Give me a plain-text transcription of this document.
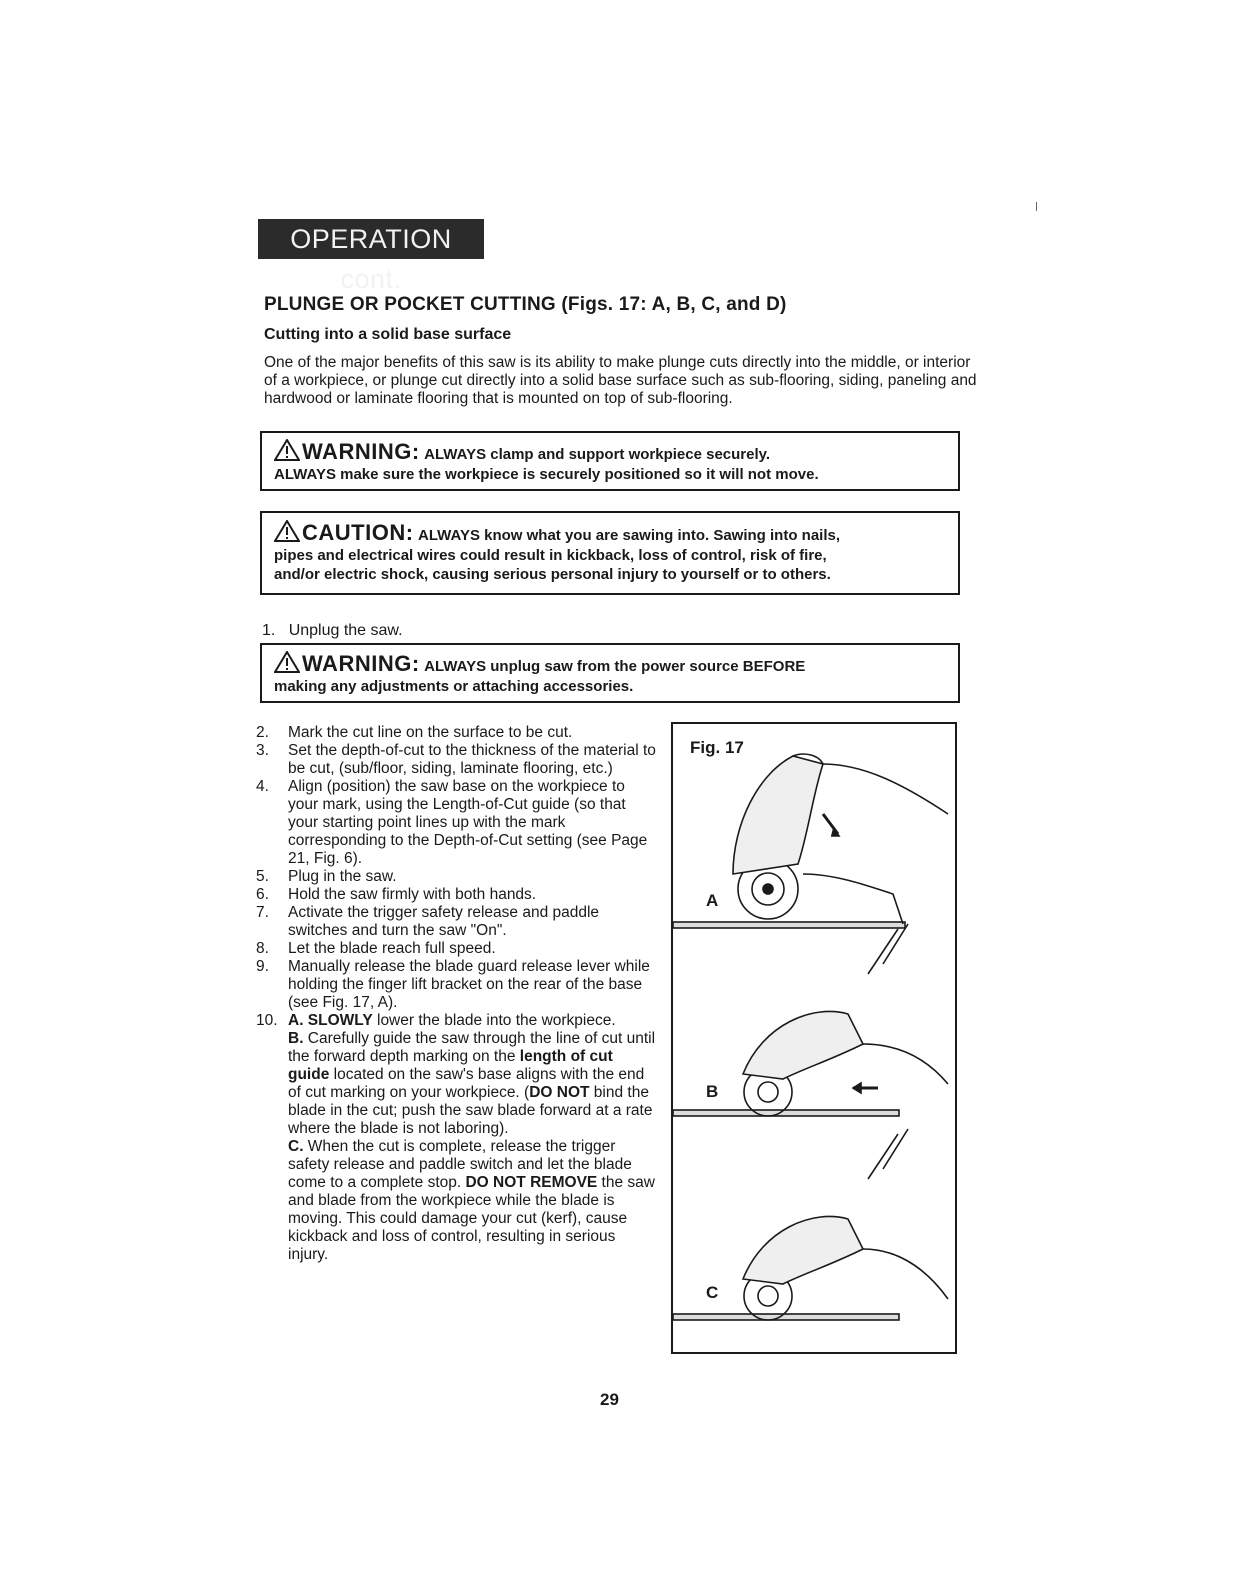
OPERATION cont.
PLUNGE OR POCKET CUTTING (Figs. 17: A, B, C, and D)
Cutting into a solid base surface
One of the major benefits of this saw is its ability to make plunge cuts directly into the middle, or interior of a workpiece, or plunge cut directly into a solid base surface such as sub-flooring, siding, paneling and hardwood or laminate flooring that is mounted on top of sub-flooring.
WARNING: ALWAYS clamp and support workpiece securely.
ALWAYS make sure the workpiece is securely positioned so it will not move.
CAUTION: ALWAYS know what you are sawing into. Sawing into nails,
pipes and electrical wires could result in kickback, loss of control, risk of fire,
and/or electric shock, causing serious personal injury to yourself or to others.
1. Unplug the saw.
WARNING: ALWAYS unplug saw from the power source BEFORE
making any adjustments or attaching accessories.
2.	Mark the cut line on the surface to be cut.
3.	Set the depth-of-cut to the thickness of the material to be cut, (sub/floor, siding, laminate flooring, etc.)
4.	Align (position) the saw base on the workpiece to your mark, using the Length-of-Cut guide (so that your starting point lines up with the mark corresponding to the Depth-of-Cut setting (see Page 21, Fig. 6).
5.	Plug in the saw.
6.	Hold the saw firmly with both hands.
7.	Activate the trigger safety release and paddle switches and turn the saw "On".
8.	Let the blade reach full speed.
9.	Manually release the blade guard release lever while holding the finger lift bracket on the rear of the base (see Fig. 17, A).
10. A. SLOWLY lower the blade into the workpiece.
B. Carefully guide the saw through the line of cut until the forward depth marking on the length of cut guide located on the saw's base aligns with the end of cut marking on your workpiece. (DO NOT bind the blade in the cut; push the saw blade forward at a rate where the blade is not laboring).
C. When the cut is complete, release the trigger safety release and paddle switch and let the blade come to a complete stop. DO NOT REMOVE the saw and blade from the workpiece while the blade is moving. This could damage your cut (kerf), cause kickback and loss of control, resulting in serious injury.
Fig. 17
A
B
C
29
